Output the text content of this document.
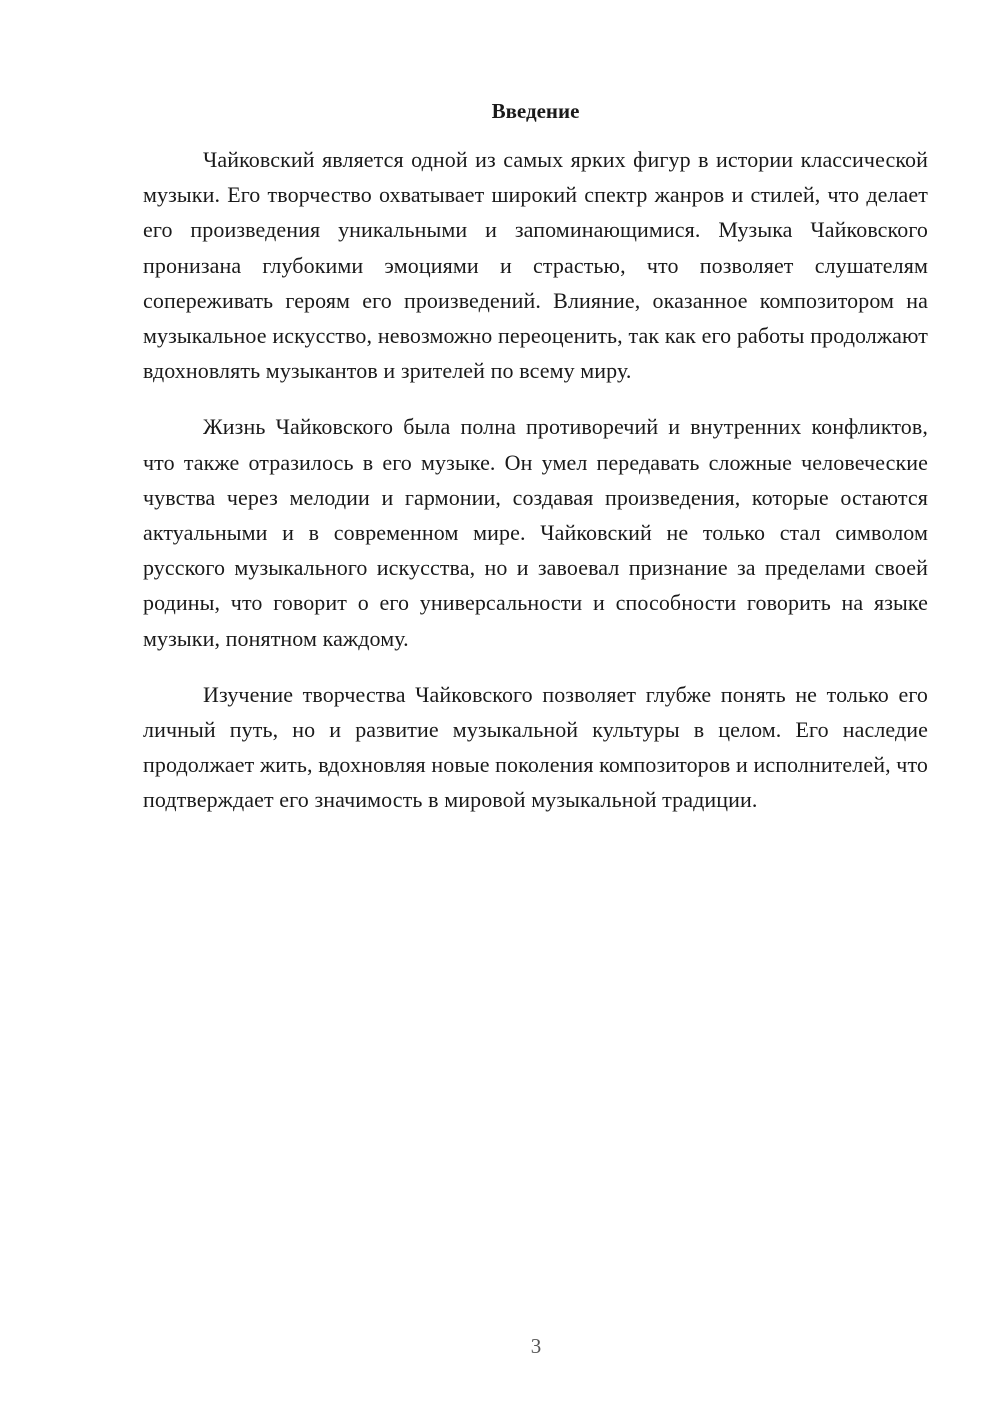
Введение

Чайковский является одной из самых ярких фигур в истории классической музыки. Его творчество охватывает широкий спектр жанров и стилей, что делает его произведения уникальными и запоминающимися. Музыка Чайковского пронизана глубокими эмоциями и страстью, что позволяет слушателям сопереживать героям его произведений. Влияние, оказанное композитором на музыкальное искусство, невозможно переоценить, так как его работы продолжают вдохновлять музыкантов и зрителей по всему миру.

Жизнь Чайковского была полна противоречий и внутренних конфликтов, что также отразилось в его музыке. Он умел передавать сложные человеческие чувства через мелодии и гармонии, создавая произведения, которые остаются актуальными и в современном мире. Чайковский не только стал символом русского музыкального искусства, но и завоевал признание за пределами своей родины, что говорит о его универсальности и способности говорить на языке музыки, понятном каждому.

Изучение творчества Чайковского позволяет глубже понять не только его личный путь, но и развитие музыкальной культуры в целом. Его наследие продолжает жить, вдохновляя новые поколения композиторов и исполнителей, что подтверждает его значимость в мировой музыкальной традиции.

3
